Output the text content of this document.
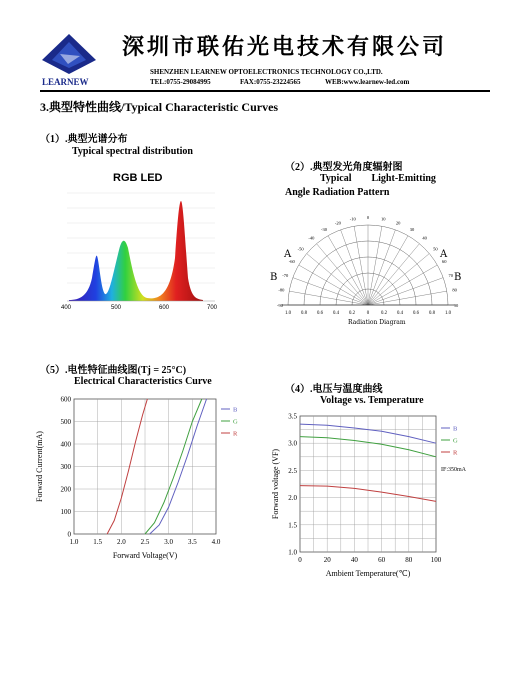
LEARNEW
深圳市联佑光电技术有限公司
SHENZHEN LEARNEW OPTOELECTRONICS TECHNOLOGY CO.,LTD.
TEL:0755-29084995	FAX:0755-23224565	WEB:www.learnew-led.com
3.典型特性曲线/Typical Characteristic Curves
（1）.典型光谱分布
Typical spectral distribution
RGB LED
400	500	600	700
（2）.典型发光角度辐射图
Typical        Light-Emitting
Angle Radiation Pattern
-10
-20
-30
-40
-50
-60
-70
-80
-90
10
20
30
40
50
60
70
80
90
0
1.0 0.8 0.6 0.4 0.2 0 0.2 0.4 0.6 0.8 1.0
A	A
B	B
Radiation Diagram
（5）.电性特征曲线图(Tj = 25°C)
Electrical Characteristics Curve
1.0 1.5 2.0 2.5 3.0 3.5 4.0
0
100
200
300
400
500
600
B
G
R
Forward Voltage(V)
Forward Current(mA)
（4）.电压与温度曲线
Voltage vs. Temperature
0	20	40	60	80	100
1.0
1.5
2.0
2.5
3.0
3.5
B
G
R
Ambient Temperature(℃)
Forward voltage (VF)	IF:350mA
